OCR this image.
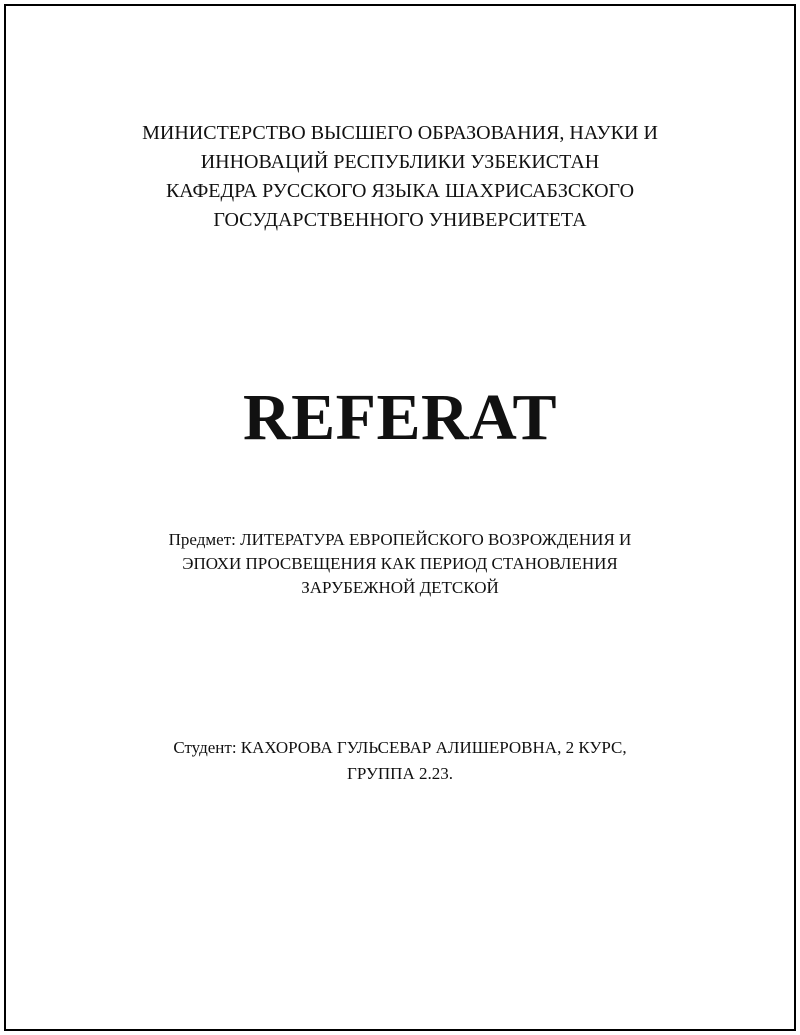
МИНИСТЕРСТВО ВЫСШЕГО ОБРАЗОВАНИЯ, НАУКИ И
ИННОВАЦИЙ РЕСПУБЛИКИ УЗБЕКИСТАН
КАФЕДРА РУССКОГО ЯЗЫКА ШАХРИСАБЗСКОГО
ГОСУДАРСТВЕННОГО УНИВЕРСИТЕТА
REFERAT
Предмет: ЛИТЕРАТУРА ЕВРОПЕЙСКОГО ВОЗРОЖДЕНИЯ И
ЭПОХИ ПРОСВЕЩЕНИЯ КАК ПЕРИОД СТАНОВЛЕНИЯ
ЗАРУБЕЖНОЙ ДЕТСКОЙ
Студент: КАХОРОВА ГУЛЬСЕВАР АЛИШЕРОВНА, 2 КУРС,
ГРУППА 2.23.
